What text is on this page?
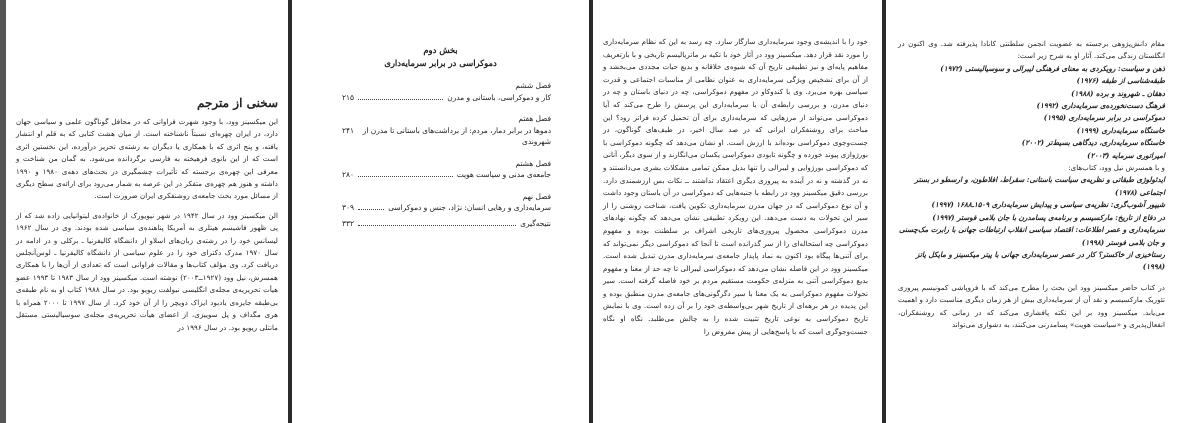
سخنی از مترجم

این میکسینز وود، با وجود شهرت فراوانی که در محافل گوناگون علمی و سیاسی جهان دارد، در ایران چهره‌ای نسبتاً ناشناخته است. از میان هشت کتابی که به قلم او انتشار یافته، و پنج اثری که با همکاری یا دیگران به رشته‌ی تحریر درآورده، این نخستین اثری است که از این بانوی فرهیخته به فارسی برگردانده می‌شود. به گمان من شناخت و معرفی این چهره‌ی برجسته که تأثیرات چشمگیری در بحث‌های دهه‌ی ۱۹۸۰ و ۱۹۹۰ داشته و هنوز هم چهره‌ی متفکر در این عرصه به شمار می‌رود برای ارائه‌ی سطح دیگری از مسائل مورد بحث جامعه‌ی روشنفکری ایران ضرورت است.

الن میکسینز وود در سال ۱۹۴۲ در شهر نیویورک از خانواده‌ی لیتوانیایی زاده شد که از پی ظهور فاشیسم هیتلری به آمریکا پناهنده‌ی سیاسی شده بودند. وی در سال ۱۹۶۲ لیسانس خود را در رشته‌ی زبان‌های اسلاو از دانشگاه کالیفرنیا ـ برکلی و در ادامه در سال ۱۹۷۰ مدرک دکترای خود را در علوم سیاسی از دانشگاه کالیفرنیا ـ لوس‌آنجلس دریافت کرد. وی مؤلف کتاب‌ها و مقالات فراوانی است که تعدادی از آن‌ها را با همکاری همسرش، نیل وود (۱۹۲۷ــ۲۰۰۳) نوشته است. میکسینز وود از سال ۱۹۸۳ تا ۱۹۹۳ عضو هیأت تحریریه‌ی مجله‌ی انگلیسی نیولفت ریویو بود. در سال ۱۹۸۸ کتاب او به نام طبقه‌ی بی‌طبقه جایزه‌ی یادبود ایزاک دویچر را از آن خود کرد. از سال ۱۹۹۷ تا ۲۰۰۰ همراه با هری مگداف و پل سوییزی، از اعضای هیأت تحریریه‌ی مجله‌ی سوسیالیستی مستقل مانتلی ریویو بود. در سال ۱۹۹۶ در

بخش دوم
دموکراسی در برابر سرمایه‌داری
فصل ششم
کار و دموکراسی، باستانی و مدرن
۲۱۵
فصل هفتم
دموها در برابر دمار، مردم: از برداشت‌های باستانی تا مدرن از شهروندی
۲۴۱
فصل هشتم
جامعه‌ی مدنی و سیاست هویت
۲۸۰
فصل نهم
سرمایه‌داری و رهایی انسان: نژاد، جنس و دموکراسی
۳۰۹
نتیجه‌گیری
۳۳۲

خود را با اندیشه‌ی وجود سرمایه‌داری سازگار سازد. چه رسد به این که نظام سرمایه‌داری را مورد نقد قرار دهد. میکسینز وود در آثار خود با تکیه بر ماتریالیسم تاریخی و با بازتعریف مفاهیم پایه‌ای و نیز تطبیقی تاریخ آن که شیوه‌ی خلاقانه و بدیع حیات مجددی می‌بخشد و از آن برای تشخیص ویژگی سرمایه‌داری به عنوان نظامی از مناسبات اجتماعی و قدرت سیاسی بهره می‌برد. وی با کندوکاو در مفهوم دموکراسی، چه در دنیای باستان و چه در دنیای مدرن، و بررسی رابطه‌ی آن با سرمایه‌داری این پرسش را طرح می‌کند که آیا دموکراسی می‌تواند از مرزهایی که سرمایه‌داری برای آن تحمیل کرده فراتر رود؟ این مباحث برای روشنفکران ایرانی که در صد سال اخیر، در طیف‌های گوناگون، در جست‌وجوی دموکراسی بوده‌اند با ارزش است. او نشان می‌دهد که چگونه دموکراسی با بورژوازی پیوند خورده و چگونه تابودی دموکراسی یکسان می‌انگارند و از سوی دیگر، آنانی که دموکراسی بورژوایی و لیبرالی را تنها بدیل ممکن تمامی مشکلات بشری می‌دانستند و نه در گذشته و نه در آینده به پیروزی دیگری اعتقاد نداشتند ــ نکات بس ارزشمندی دارد. بررسی دقیق میکسینز وود در رابطه با جنبه‌هایی که دموکراسی در آن باستان وجود داشت و آن نوع دموکراسی که در جهان مدرن سرمایه‌داری تکوین یافت، شناخت روشنی را از سیر این تحولات به دست می‌دهد. این رویکرد تطبیقی نشان می‌دهد که چگونه نهادهای مدرن دموکراسی محصول پیروزی‌های تاریخی اشراف بر سلطنت بوده و مفهوم دموکراسی چه استحاله‌ای را از سر گذرانده است تا آنجا که دموکراسی دیگر نمی‌تواند که برای آتنی‌ها پیگاه بود اکنون به نماد پاپدار جامعه‌ی سرمایه‌داری مدرن تبدیل شده است. میکسینز وود در این فاصله نشان می‌دهد که دموکراسی لیبرالی تا چه حد از معنا و مفهوم بدیع دموکراسی آتنی به منزله‌ی حکومت مستقیم مردم بر خود فاصله گرفته است. سیر تحولات مفهوم دموکراسی به یک معنا با سیر دگرگونی‌های جامعه‌ی مدرن منطبق بوده و این پدیده در هر برهه‌ای از تاریخ شهر بی‌واسطه‌ی خود را بر آن زده است. وی با نمایش تاریخ دموکراسی به نوعی تاریخ تثبیت شده را به چالش می‌طلبد. نگاه او نگاه جست‌وجوگری است که با پاسخ‌هایی از پیش مفروض را

مقام دانش‌پژوهی برجسته به عضویت انجمن سلطنتی کانادا پذیرفته شد. وی اکنون در انگلستان زندگی می‌کند. آثار او به شرح زیر است:

ذهن و سیاست: رویکردی به معنای فرهنگی لیبرالی و سوسیالیستی (۱۹۷۲)

طبقه‌شناسی از طبقه (۱۹۷۶)

دهقان ـ شهروند و برده (۱۹۸۸)

فرهنگ دست‌نخورده‌ی سرمایه‌داری (۱۹۹۲)

دموکراسی در برابر سرمایه‌داری (۱۹۹۵)

خاستگاه سرمایه‌داری (۱۹۹۹)

خاستگاه سرمایه‌داری، دیدگاهی بسیط‌تر (۲۰۰۲)

امپراتوری سرمایه (۲۰۰۳)

و با همسرش نیل وود، کتاب‌های:

ایدئولوژی طبقاتی و نظریه‌ی سیاست باستانی: سقراط، افلاطون، و ارسطو در بستر اجتماعی (۱۹۷۸)

شیپور آشوب‌گری: نظریه‌ی سیاسی و پیدایش سرمایه‌داری ۱۵۰۹ـ۱۶۸۸ (۱۹۹۷)

در دفاع از تاریخ: مارکسیسم و برنامه‌ی پسامدرن با جان بلامی فوستر (۱۹۹۷)

سرمایه‌داری و عصر اطلاعات: اقتصاد سیاسی انقلاب ارتباطات جهانی با رابرت مک‌چسنی و جان بلامی فوستر (۱۹۹۸)

رستاخیزی از خاکستر؟ کار در عصر سرمایه‌داری جهانی با پیتر میکسینز و مایکل یاتز (۱۹۹۸)

در کتاب حاضر میکسینز وود این بحث را مطرح می‌کند که با فروپاشی کمونیسم پیروزی تئوریک مارکسیسم و نقد آن از سرمایه‌داری بیش از هر زمان دیگری مناسبت دارد و اهمیت می‌یابد. میکسینز وود بر این نکته پافشاری می‌کند که در زمانی که روشنفکران، انفعال‌پذیری و «سیاست هویت» پسامدرنی می‌کنند، به دشواری می‌تواند
